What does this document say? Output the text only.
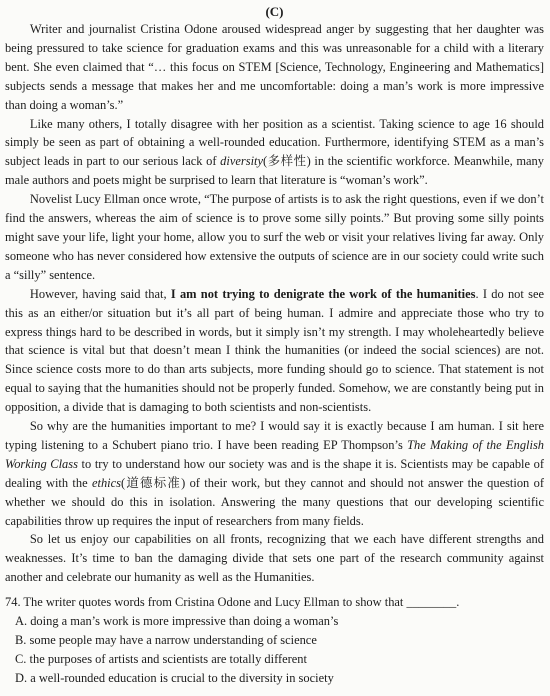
(C)

Writer and journalist Cristina Odone aroused widespread anger by suggesting that her daughter was being pressured to take science for graduation exams and this was unreasonable for a child with a literary bent. She even claimed that “… this focus on STEM [Science, Technology, Engineering and Mathematics] subjects sends a message that makes her and me uncomfortable: doing a man’s work is more impressive than doing a woman’s.”

Like many others, I totally disagree with her position as a scientist. Taking science to age 16 should simply be seen as part of obtaining a well-rounded education. Furthermore, identifying STEM as a man’s subject leads in part to our serious lack of diversity(多样性) in the scientific workforce. Meanwhile, many male authors and poets might be surprised to learn that literature is “woman’s work”.

Novelist Lucy Ellman once wrote, “The purpose of artists is to ask the right questions, even if we don’t find the answers, whereas the aim of science is to prove some silly points.” But proving some silly points might save your life, light your home, allow you to surf the web or visit your relatives living far away. Only someone who has never considered how extensive the outputs of science are in our society could write such a “silly” sentence.

However, having said that, I am not trying to denigrate the work of the humanities. I do not see this as an either/or situation but it’s all part of being human. I admire and appreciate those who try to express things hard to be described in words, but it simply isn’t my strength. I may wholeheartedly believe that science is vital but that doesn’t mean I think the humanities (or indeed the social sciences) are not. Since science costs more to do than arts subjects, more funding should go to science. That statement is not equal to saying that the humanities should not be properly funded. Somehow, we are constantly being put in opposition, a divide that is damaging to both scientists and non-scientists.

So why are the humanities important to me? I would say it is exactly because I am human. I sit here typing listening to a Schubert piano trio. I have been reading EP Thompson’s The Making of the English Working Class to try to understand how our society was and is the shape it is. Scientists may be capable of dealing with the ethics(道德标准) of their work, but they cannot and should not answer the question of whether we should do this in isolation. Answering the many questions that our developing scientific capabilities throw up requires the input of researchers from many fields.

So let us enjoy our capabilities on all fronts, recognizing that we each have different strengths and weaknesses. It’s time to ban the damaging divide that sets one part of the research community against another and celebrate our humanity as well as the Humanities.

74. The writer quotes words from Cristina Odone and Lucy Ellman to show that ________.

A. doing a man’s work is more impressive than doing a woman’s

B. some people may have a narrow understanding of science

C. the purposes of artists and scientists are totally different

D. a well-rounded education is crucial to the diversity in society
